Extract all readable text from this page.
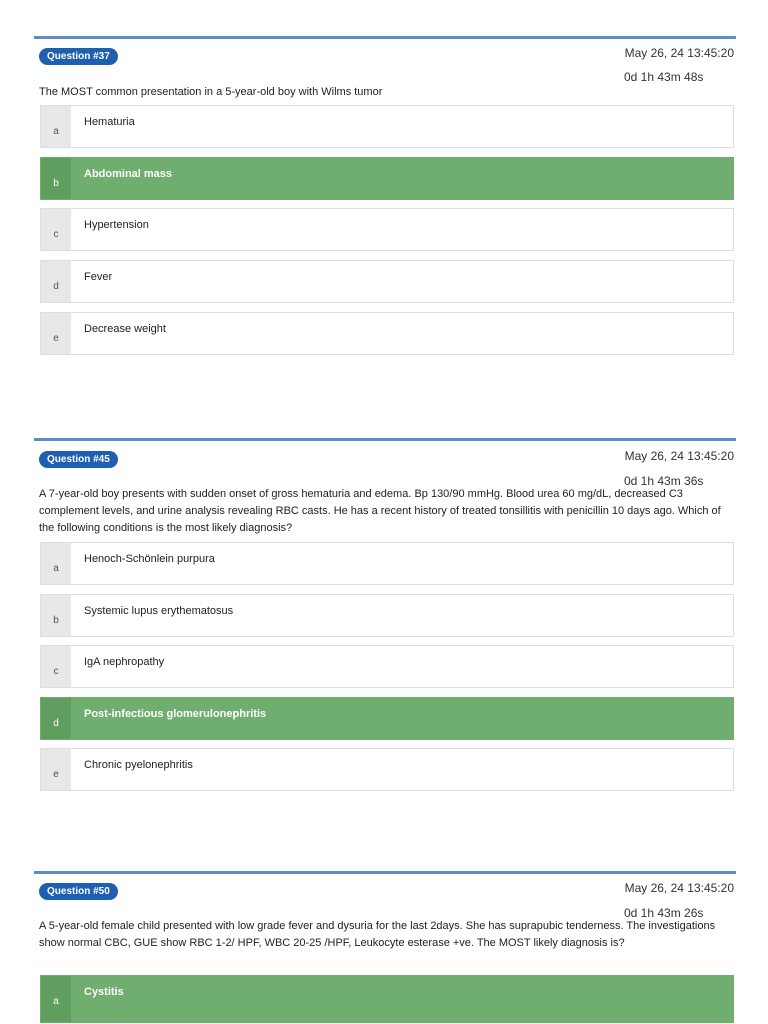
Question #37	May 26, 24 13:45:20
0d 1h 43m 48s
The MOST common presentation in a 5-year-old boy with Wilms tumor
a
Hematuria
b
Abdominal mass
c
Hypertension
d
Fever
e
Decrease weight
Question #45	May 26, 24 13:45:20
0d 1h 43m 36s
A 7-year-old boy presents with sudden onset of gross hematuria and edema. Bp 130/90 mmHg. Blood urea 60 mg/dL, decreased C3 complement levels, and urine analysis revealing RBC casts. He has a recent history of treated tonsillitis with penicillin 10 days ago. Which of the following conditions is the most likely diagnosis?
a
Henoch-Schönlein purpura
b
Systemic lupus erythematosus
c
IgA nephropathy
d
Post-infectious glomerulonephritis
e
Chronic pyelonephritis
Question #50	May 26, 24 13:45:20
0d 1h 43m 26s
A 5-year-old female child presented with low grade fever and dysuria for the last 2days. She has suprapubic tenderness. The investigations show normal CBC, GUE show RBC 1-2/ HPF, WBC 20-25 /HPF, Leukocyte esterase +ve. The MOST likely diagnosis is?
a
Cystitis
